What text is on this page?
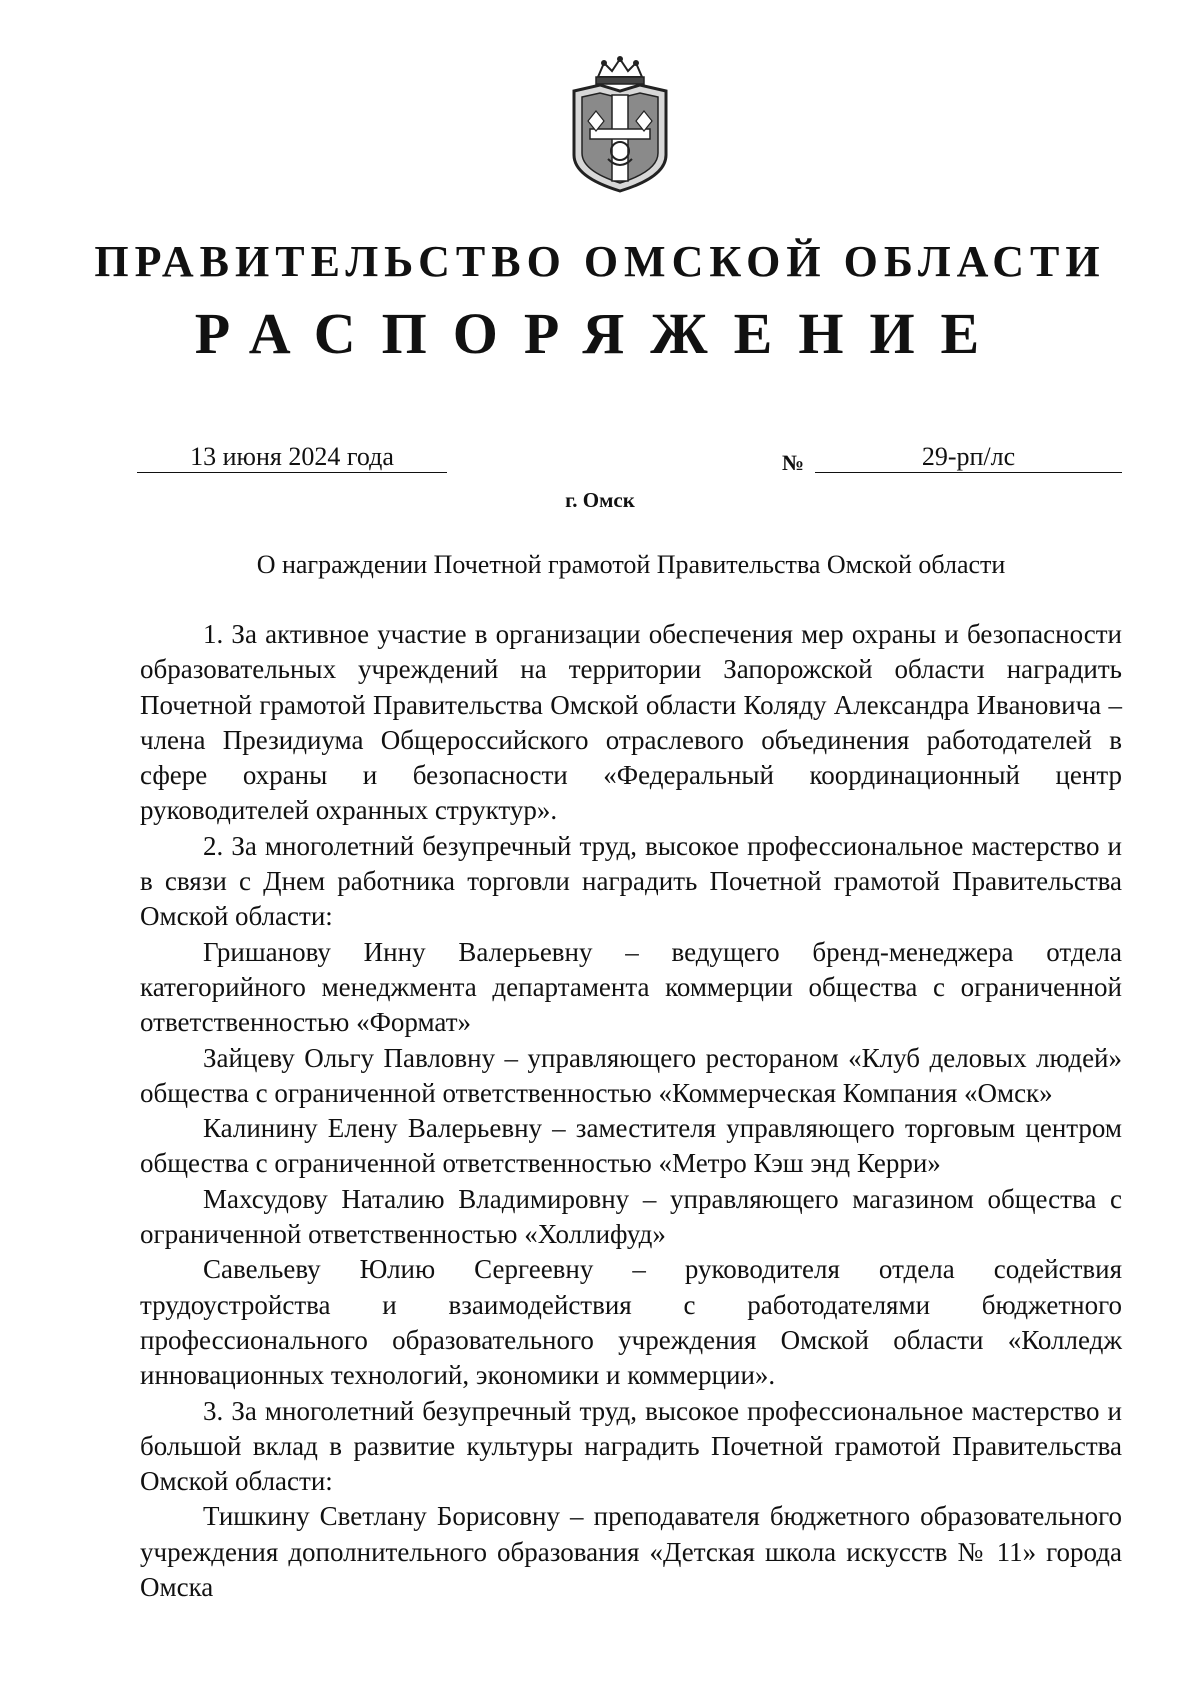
ПРАВИТЕЛЬСТВО ОМСКОЙ ОБЛАСТИ
РАСПОРЯЖЕНИЕ
13 июня 2024 года	№	29-рп/лс
г. Омск
О награждении Почетной грамотой Правительства Омской области

1. За активное участие в организации обеспечения мер охраны и безопасности образовательных учреждений на территории Запорожской области наградить Почетной грамотой Правительства Омской области Коляду Александра Ивановича – члена Президиума Общероссийского отраслевого объединения работодателей в сфере охраны и безопасности «Федеральный координационный центр руководителей охранных структур».

2. За многолетний безупречный труд, высокое профессиональное мастерство и в связи с Днем работника торговли наградить Почетной грамотой Правительства Омской области:

Гришанову Инну Валерьевну – ведущего бренд-менеджера отдела категорийного менеджмента департамента коммерции общества с ограниченной ответственностью «Формат»

Зайцеву Ольгу Павловну – управляющего рестораном «Клуб деловых людей» общества с ограниченной ответственностью «Коммерческая Компания «Омск»

Калинину Елену Валерьевну – заместителя управляющего торговым центром общества с ограниченной ответственностью «Метро Кэш энд Керри»

Махсудову Наталию Владимировну – управляющего магазином общества с ограниченной ответственностью «Холлифуд»

Савельеву Юлию Сергеевну – руководителя отдела содействия трудоустройства и взаимодействия с работодателями бюджетного профессионального образовательного учреждения Омской области «Колледж инновационных технологий, экономики и коммерции».

3. За многолетний безупречный труд, высокое профессиональное мастерство и большой вклад в развитие культуры наградить Почетной грамотой Правительства Омской области:

Тишкину Светлану Борисовну – преподавателя бюджетного образовательного учреждения дополнительного образования «Детская школа искусств № 11» города Омска
